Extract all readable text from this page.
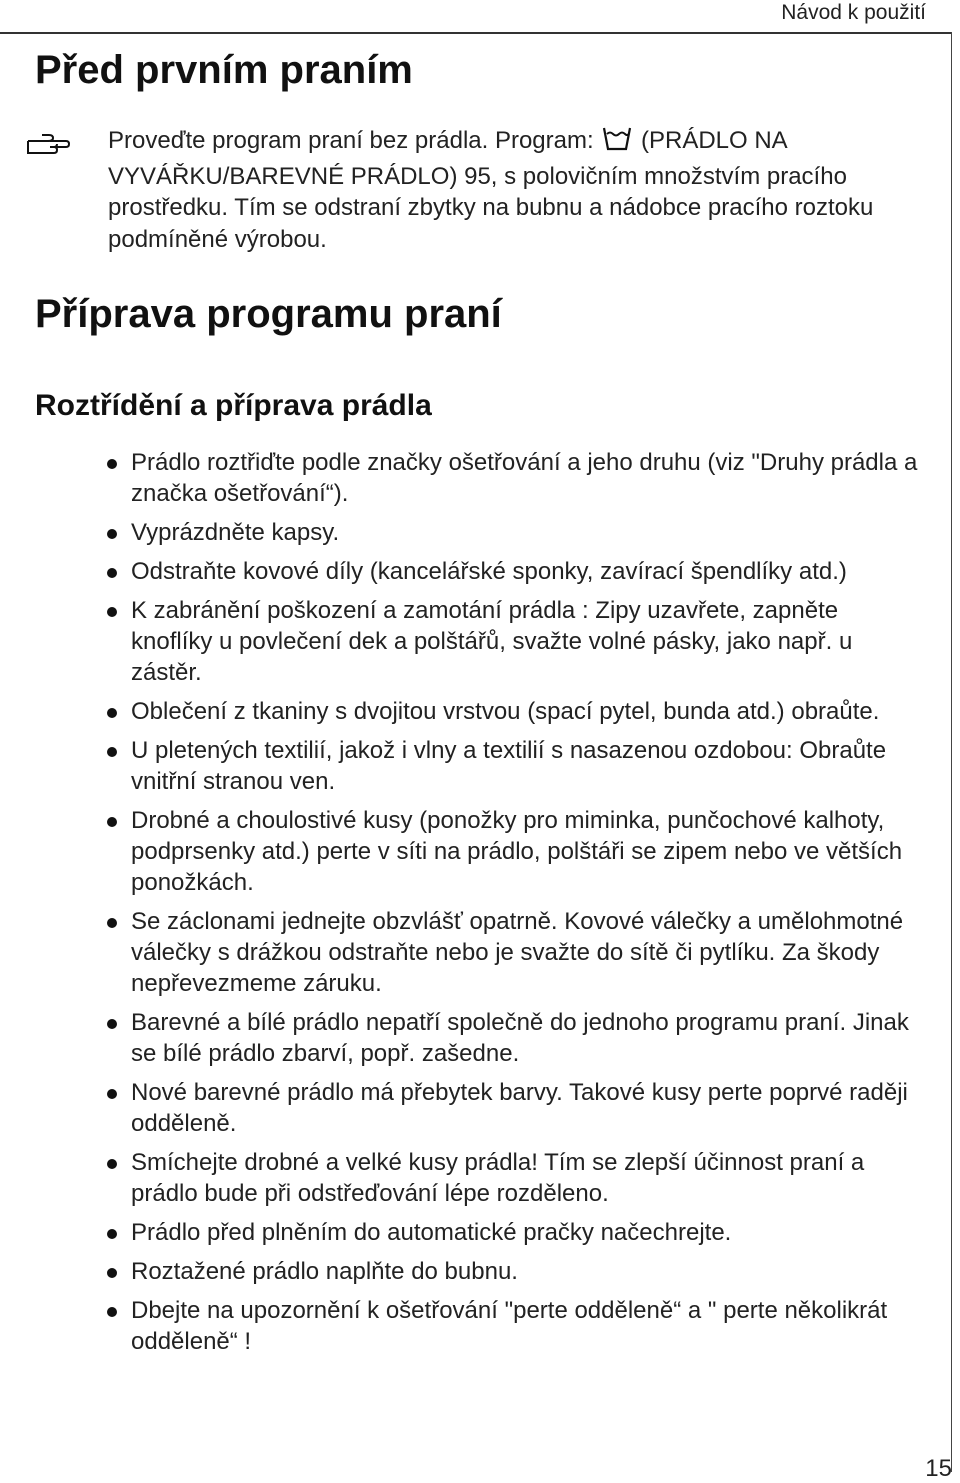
Návod k použití
Před prvním praním

Proveďte program praní bez prádla. Program:  (PRÁDLO NA VYVÁŘKU/BAREVNÉ PRÁDLO) 95, s polovičním množstvím pracího prostředku. Tím se odstraní zbytky na bubnu a nádobce pracího roztoku podmíněné výrobou.

Příprava programu praní
Roztřídění a příprava prádla
Prádlo roztřiďte podle značky ošetřování a jeho druhu (viz "Druhy prádla a značka ošetřování“).
Vyprázdněte kapsy.
Odstraňte kovové díly (kancelářské sponky, zavírací špendlíky atd.)
K zabránění poškození a zamotání prádla : Zipy uzavřete, zapněte knoflíky u povlečení dek a polštářů, svažte volné pásky, jako např. u zástěr.
Oblečení z tkaniny s dvojitou vrstvou (spací pytel, bunda atd.) obraůte.
U pletených textilií, jakož i vlny a textilií s nasazenou ozdobou: Obraůte vnitřní stranou ven.
Drobné a choulostivé kusy (ponožky pro miminka, punčochové kalhoty, podprsenky atd.) perte v síti na prádlo, polštáři se zipem nebo ve větších ponožkách.
Se záclonami jednejte obzvlášť opatrně. Kovové válečky a umělohmotné válečky s drážkou odstraňte nebo je svažte do sítě či pytlíku. Za škody nepřevezmeme záruku.
Barevné a bílé prádlo nepatří společně do jednoho programu praní. Jinak se bílé prádlo zbarví, popř. zašedne.
Nové barevné prádlo má přebytek barvy. Takové kusy perte poprvé raději odděleně.
Smíchejte drobné a velké kusy prádla! Tím se zlepší účinnost praní a prádlo bude při odstřeďování lépe rozděleno.
Prádlo před plněním do automatické pračky načechrejte.
Roztažené prádlo naplňte do bubnu.
Dbejte na upozornění k ošetřování "perte odděleně“ a " perte několikrát odděleně“ !
15
